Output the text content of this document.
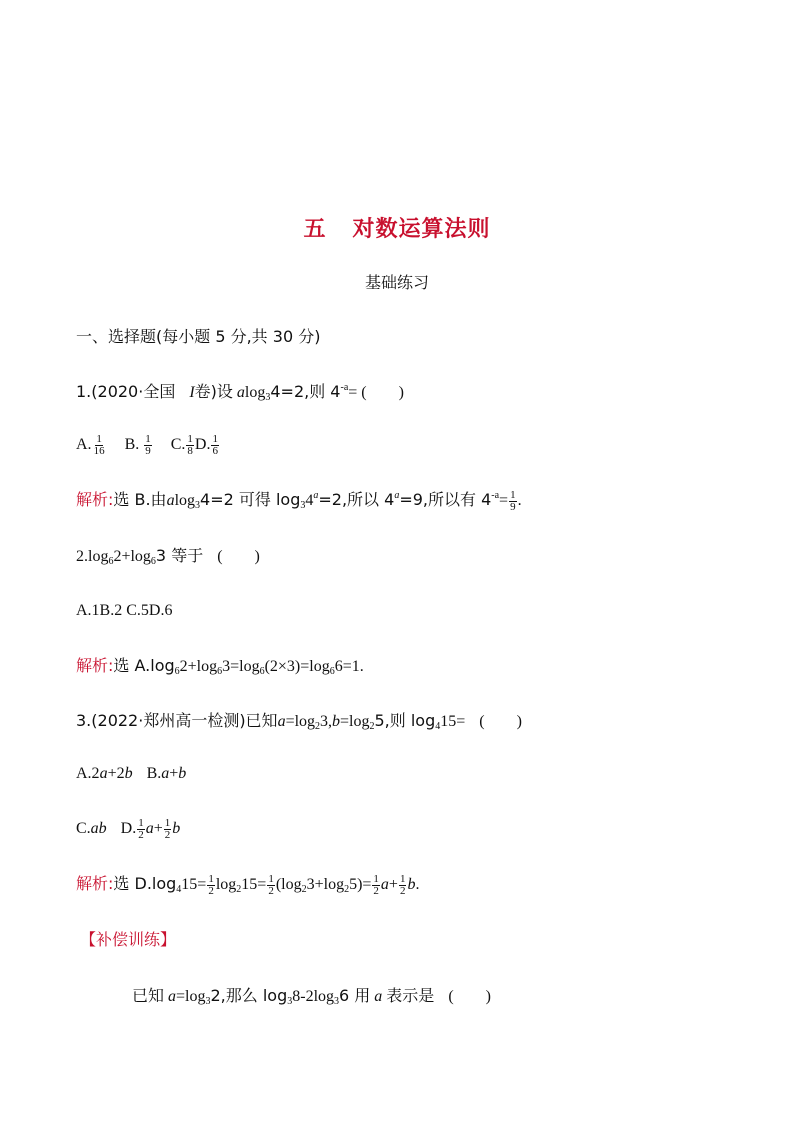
五 对数运算法则
基础练习
一、选择题(每小题 5 分,共 30 分)
1.(2020·全国 I卷)设 alog$_3$4=2,则 $4^{-a}=$ (　　)
A. $\frac{1}{16} B$. $\frac{1}{9} C$. $\frac{1}{8} D$. $\frac{1}{6}$
解析:选 B.由alog$_3$4=2 可得 $\log_34^a=2$,所以 $4^a=9$,所以有 $4^{-a}= \frac{1}{9}$ .
$2.\log_62+\log_63$ 等于 (　　)
A.1B.2 C.5D.6
解析:选 $A.\log_62+\log_63=\log_6(2\times 3)=\log_66=1$.
3.(2022·郑州高一检测)已知$a=\log_23,b=\log_25$,则 $\log_415=$ (　　)
A.2a+2b B.a+b
C.ab D. $\frac{1}{2} a+ \frac{1}{2}$ b
解析:选 $D.\log_415= \frac{1}{2} \log_215= \frac{1}{2} (\log_23+\log_25)= \frac{1}{2} a+ \frac{1}{2} b$.
【补偿训练】
已知 $a=\log_32$,那么 $\log_38-2\log_36$ 用 a 表示是 (　　)
